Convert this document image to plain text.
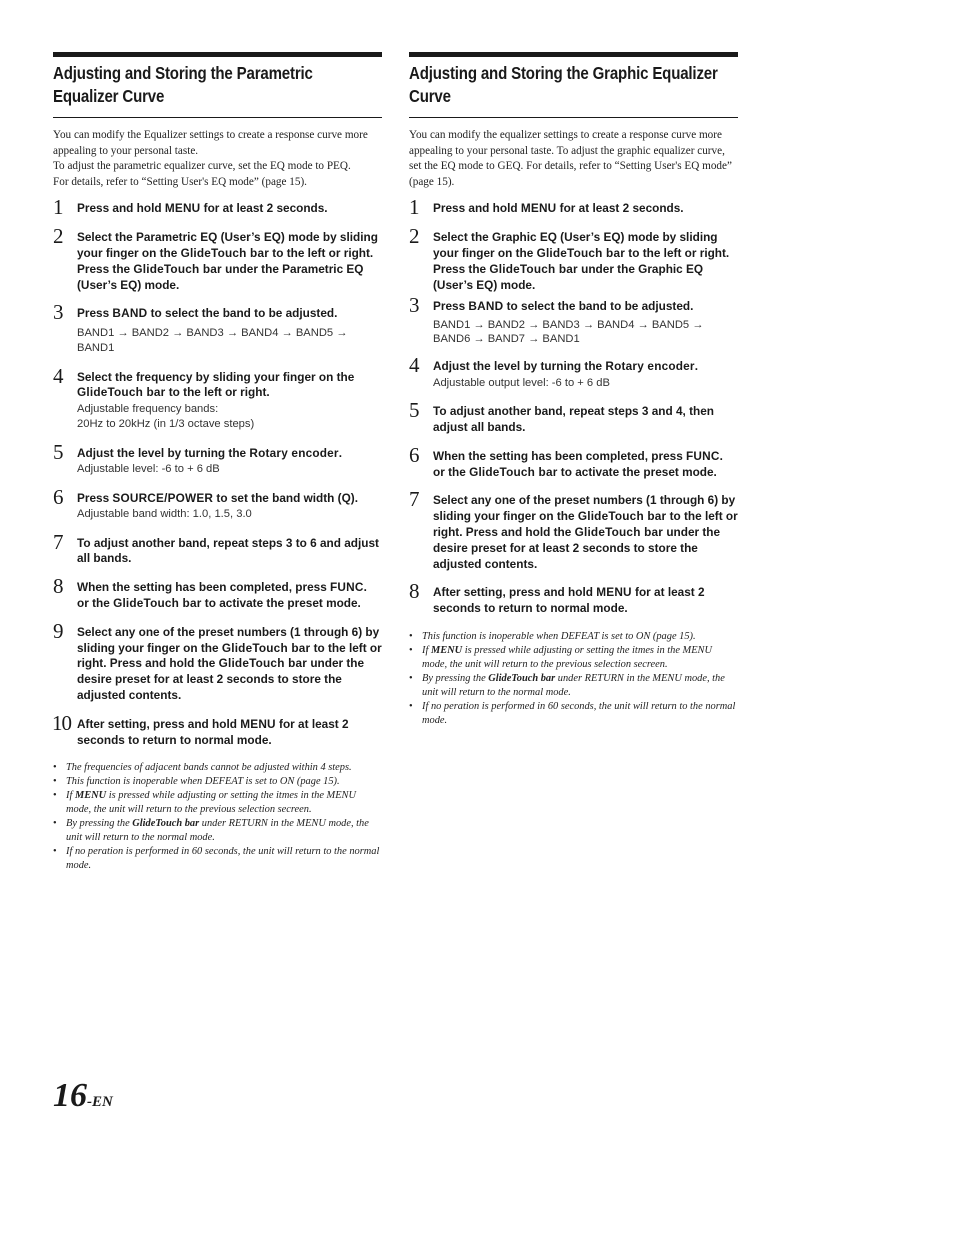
Adjusting and Storing the Parametric
Equalizer Curve

You can modify the Equalizer settings to create a response curve more appealing to your personal taste.

To adjust the parametric equalizer curve, set the EQ mode to PEQ.

For details, refer to “Setting User's EQ mode” (page 15).

1 Press and hold MENU for at least 2 seconds.
2 Select the Parametric EQ (User’s EQ) mode by sliding your finger on the GlideTouch bar to the left or right.
Press the GlideTouch bar under the Parametric EQ (User’s EQ) mode.
3 Press BAND to select the band to be adjusted.
BAND1 → BAND2 → BAND3 → BAND4 → BAND5 → BAND1
4 Select the frequency by sliding your finger on the GlideTouch bar to the left or right.
Adjustable frequency bands:
20Hz to 20kHz (in 1/3 octave steps)
5 Adjust the level by turning the Rotary encoder.
Adjustable level: -6 to + 6 dB
6 Press SOURCE/POWER to set the band width (Q).
Adjustable band width: 1.0, 1.5, 3.0
7 To adjust another band, repeat steps 3 to 6 and adjust all bands.
8 When the setting has been completed, press FUNC. or the GlideTouch bar to activate the preset mode.
9 Select any one of the preset numbers (1 through 6) by sliding your finger on the GlideTouch bar to the left or right. Press and hold the GlideTouch bar under the desire preset for at least 2 seconds to store the adjusted contents.
10 After setting, press and hold MENU for at least 2 seconds to return to normal mode.
• The frequencies of adjacent bands cannot be adjusted within 4 steps.
• This function is inoperable when DEFEAT is set to ON (page 15).
• If MENU is pressed while adjusting or setting the itmes in the MENU mode, the unit will return to the previous selection secreen.
• By pressing the GlideTouch bar under RETURN in the MENU mode, the unit will return to the normal mode.
• If no peration is performed in 60 seconds, the unit will return to the normal mode.
Adjusting and Storing the Graphic Equalizer
Curve

You can modify the equalizer settings to create a response curve more appealing to your personal taste. To adjust the graphic equalizer curve, set the EQ mode to GEQ. For details, refer to “Setting User's EQ mode” (page 15).

1 Press and hold MENU for at least 2 seconds.
2 Select the Graphic EQ (User’s EQ) mode by sliding your finger on the GlideTouch bar to the left or right.
Press the GlideTouch bar under the Graphic EQ (User’s EQ) mode.
3 Press BAND to select the band to be adjusted.
BAND1 → BAND2 → BAND3 → BAND4 → BAND5 →
BAND6 → BAND7 → BAND1
4 Adjust the level by turning the Rotary encoder.
Adjustable output level: -6 to + 6 dB
5 To adjust another band, repeat steps 3 and 4, then adjust all bands.
6 When the setting has been completed, press FUNC. or the GlideTouch bar to activate the preset mode.
7 Select any one of the preset numbers (1 through 6) by sliding your finger on the GlideTouch bar to the left or right. Press and hold the GlideTouch bar under the desire preset for at least 2 seconds to store the adjusted contents.
8 After setting, press and hold MENU for at least 2 seconds to return to normal mode.
• This function is inoperable when DEFEAT is set to ON (page 15).
• If MENU is pressed while adjusting or setting the itmes in the MENU mode, the unit will return to the previous selection secreen.
• By pressing the GlideTouch bar under RETURN in the MENU mode, the unit will return to the normal mode.
• If no peration is performed in 60 seconds, the unit will return to the normal mode.
16-EN
